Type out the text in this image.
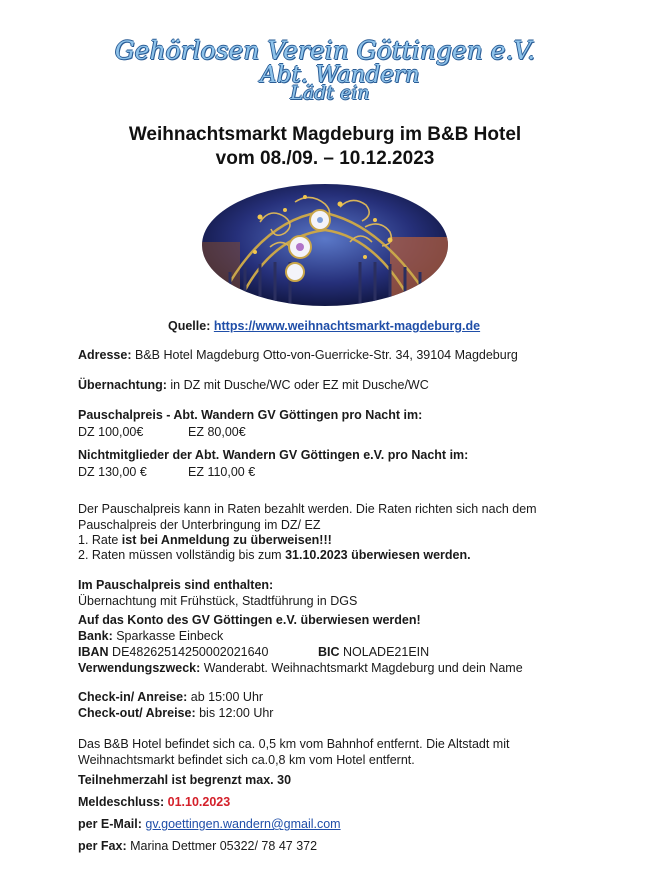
Gehörlosen Verein Göttingen e.V.
Abt. Wandern
Lädt ein
Weihnachtsmarkt Magdeburg im B&B Hotel
vom 08./09. – 10.12.2023
Quelle: https://www.weihnachtsmarkt-magdeburg.de
Adresse: B&B Hotel Magdeburg Otto-von-Guerricke-Str. 34, 39104 Magdeburg
Übernachtung: in DZ mit Dusche/WC oder EZ mit Dusche/WC
Pauschalpreis - Abt. Wandern GV Göttingen pro Nacht im:
DZ 100,00€	EZ 80,00€
Nichtmitglieder der Abt. Wandern GV Göttingen e.V. pro Nacht im:
DZ 130,00 €	EZ 110,00 €
Der Pauschalpreis kann in Raten bezahlt werden. Die Raten richten sich nach dem
Pauschalpreis der Unterbringung im DZ/ EZ
1. Rate ist bei Anmeldung zu überweisen!!!
2. Raten müssen vollständig bis zum 31.10.2023 überwiesen werden.
Im Pauschalpreis sind enthalten:
Übernachtung mit Frühstück, Stadtführung in DGS
Auf das Konto des GV Göttingen e.V. überwiesen werden!
Bank: Sparkasse Einbeck
IBAN DE48262514250002021640	BIC NOLADE21EIN
Verwendungszweck: Wanderabt. Weihnachtsmarkt Magdeburg und dein Name
Check-in/ Anreise: ab 15:00 Uhr
Check-out/ Abreise: bis 12:00 Uhr
Das B&B Hotel befindet sich ca. 0,5 km vom Bahnhof entfernt. Die Altstadt mit
Weihnachtsmarkt befindet sich ca.0,8 km vom Hotel entfernt.
Teilnehmerzahl ist begrenzt max. 30
Meldeschluss: 01.10.2023
per E-Mail: gv.goettingen.wandern@gmail.com
per Fax: Marina Dettmer 05322/ 78 47 372
